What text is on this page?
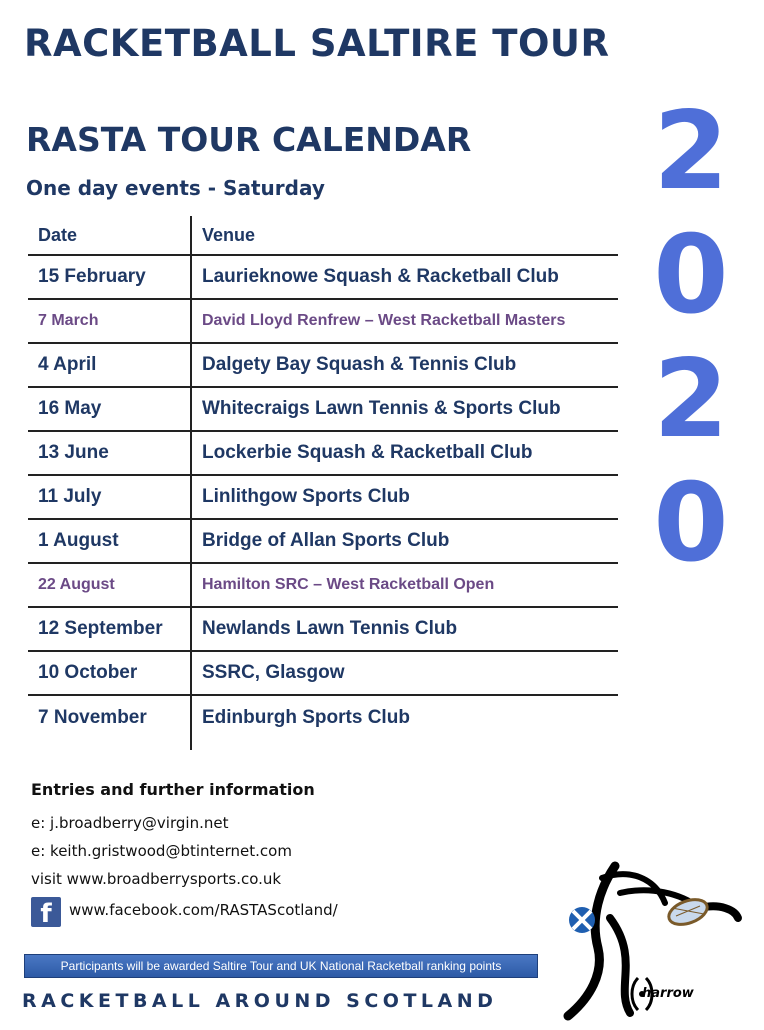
RACKETBALL SALTIRE TOUR
2
0
2
0
RASTA TOUR CALENDAR
One day events - Saturday
Date	Venue
15 February	Laurieknowe Squash & Racketball Club
7 March	David Lloyd Renfrew – West Racketball Masters
4 April	Dalgety Bay Squash & Tennis Club
16 May	Whitecraigs Lawn Tennis & Sports Club
13 June	Lockerbie Squash & Racketball Club
11 July	Linlithgow Sports Club
1 August	Bridge of Allan Sports Club
22 August	Hamilton SRC – West Racketball Open
12 September	Newlands Lawn Tennis Club
10 October	SSRC, Glasgow
7 November	Edinburgh Sports Club
Entries and further information
e: j.broadberry@virgin.net
e: keith.gristwood@btinternet.com
visit www.broadberrysports.co.uk
f	www.facebook.com/RASTAScotland/
Participants will be awarded Saltire Tour and UK National Racketball ranking points
RACKETBALL AROUND SCOTLAND	harrow
